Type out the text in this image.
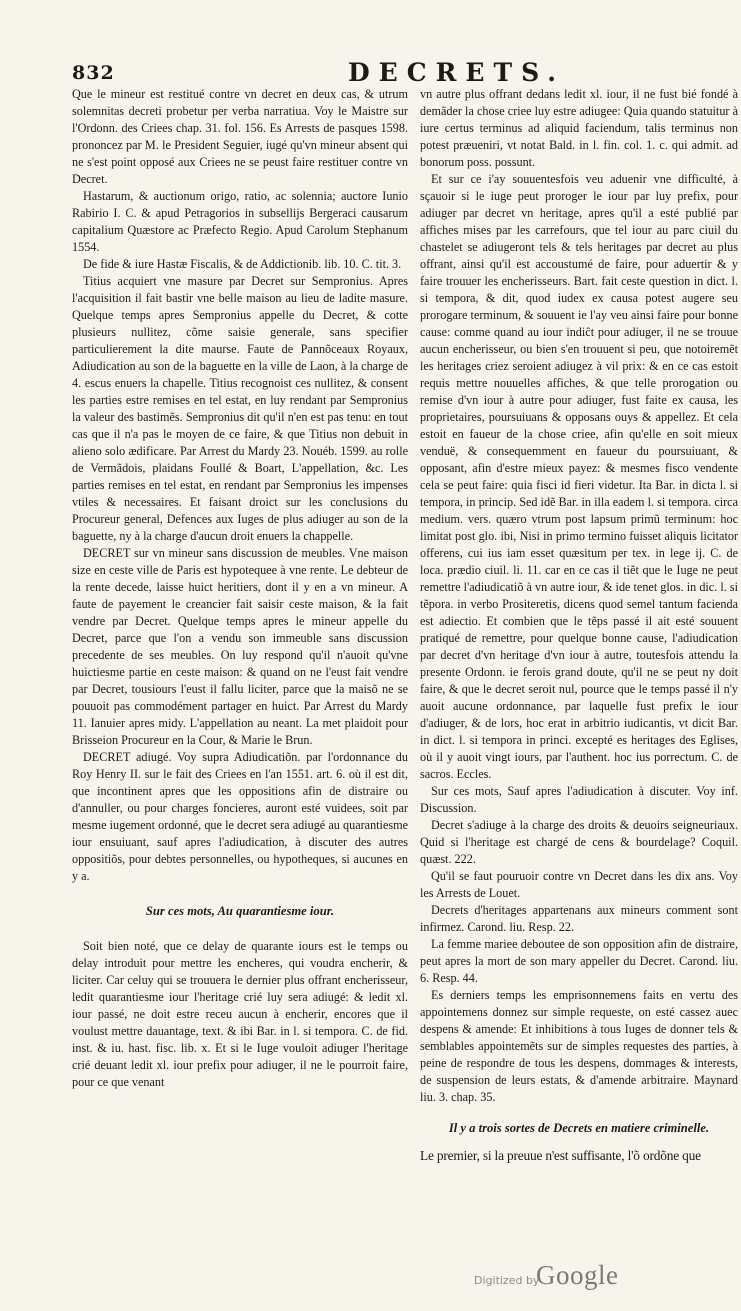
832	DECRETS.

Que le mineur est restitué contre vn decret en deux cas, & utrum solemnitas decreti probetur per verba narratiua. Voy le Maistre sur l'Ordonn. des Criees chap. 31. fol. 156. Es Arrests de pasques 1598. prononcez par M. le President Seguier, iugé qu'vn mineur absent qui ne s'est point opposé aux Criees ne se peust faire restituer contre vn Decret.

Hastarum, & auctionum origo, ratio, ac solennia; auctore Iunio Rabirio I. C. & apud Petragorios in subsellijs Bergeraci causarum capitalium Quæstore ac Præfecto Regio. Apud Carolum Stephanum 1554.

De fide & iure Hastæ Fiscalis, & de Addictionib. lib. 10. C. tit. 3.

Titius acquiert vne masure par Decret sur Sempronius. Apres l'acquisition il fait bastir vne belle maison au lieu de ladite masure. Quelque temps apres Sempronius appelle du Decret, & cotte plusieurs nullitez, cõme saisie generale, sans specifier particulierement la dite maurse. Faute de Pannõceaux Royaux, Adiudication au son de la baguette en la ville de Laon, à la charge de 4. escus enuers la chapelle. Titius recognoist ces nullitez, & consent les parties estre remises en tel estat, en luy rendant par Sempronius la valeur des bastimẽs. Sempronius dit qu'il n'en est pas tenu: en tout cas que il n'a pas le moyen de ce faire, & que Titius non debuit in alieno solo ædificare. Par Arrest du Mardy 23. Nouéb. 1599. au rolle de Vermãdois, plaidans Foullé & Boart, L'appellation, &c. Les parties remises en tel estat, en rendant par Sempronius les impenses vtiles & necessaires. Et faisant droict sur les conclusions du Procureur general, Defences aux Iuges de plus adiuger au son de la baguette, ny à la charge d'aucun droit enuers la chappelle.

DECRET sur vn mineur sans discussion de meubles. Vne maison size en ceste ville de Paris est hypotequee à vne rente. Le debteur de la rente decede, laisse huict heritiers, dont il y en a vn mineur. A faute de payement le creancier fait saisir ceste maison, & la fait vendre par Decret. Quelque temps apres le mineur appelle du Decret, parce que l'on a vendu son immeuble sans discussion precedente de ses meubles. On luy respond qu'il n'auoit qu'vne huictiesme partie en ceste maison: & quand on ne l'eust fait vendre par Decret, tousiours l'eust il fallu liciter, parce que la maisõ ne se pouuoit pas commodément partager en huict. Par Arrest du Mardy 11. Ianuier apres midy. L'appellation au neant. La met plaidoit pour Brisseion Procureur en la Cour, & Marie le Brun.

DECRET adiugé. Voy supra Adiudicatiõn. par l'ordonnance du Roy Henry II. sur le fait des Criees en l'an 1551. art. 6. où il est dit, que incontinent apres que les oppositions afin de distraire ou d'annuller, ou pour charges foncieres, auront esté vuidees, soit par mesme iugement ordonné, que le decret sera adiugé au quarantiesme iour ensuiuant, sauf apres l'adiudication, à discuter des autres oppositiõs, pour debtes personnelles, ou hypotheques, si aucunes en y a.

Sur ces mots, Au quarantiesme iour.

Soit bien noté, que ce delay de quarante iours est le temps ou delay introduit pour mettre les encheres, qui voudra encherir, & liciter. Car celuy qui se trouuera le dernier plus offrant encherisseur, ledit quarantiesme iour l'heritage crié luy sera adiugé: & ledit xl. iour passé, ne doit estre receu aucun à encherir, encores que il voulust mettre dauantage, text. & ibi Bar. in l. si tempora. C. de fid. inst. & iu. hast. fisc. lib. x. Et si le Iuge vouloit adiuger l'heritage crié deuant ledit xl. iour prefix pour adiuger, il ne le pourroit faire, pour ce que venant

vn autre plus offrant dedans ledit xl. iour, il ne fust bié fondé à demãder la chose criee luy estre adiugee: Quia quando statuitur à iure certus terminus ad aliquid faciendum, talis terminus non potest præueniri, vt notat Bald. in l. fin. col. 1. c. qui admit. ad bonorum poss. possunt.

Et sur ce i'ay souuentesfois veu aduenir vne difficulté, à sçauoir si le iuge peut proroger le iour par luy prefix, pour adiuger par decret vn heritage, apres qu'il a esté publié par affiches mises par les carrefours, que tel iour au parc ciuil du chastelet se adiugeront tels & tels heritages par decret au plus offrant, ainsi qu'il est accoustumé de faire, pour aduertir & y faire trouuer les encherisseurs. Bart. fait ceste question in dict. l. si tempora, & dit, quod iudex ex causa potest augere seu prorogare terminum, & souuent ie l'ay veu ainsi faire pour bonne cause: comme quand au iour indiĉt pour adiuger, il ne se trouue aucun encherisseur, ou bien s'en trouuent si peu, que notoiremẽt les heritages criez seroient adiugez à vil prix: & en ce cas estoit requis mettre nouuelles affiches, & que telle prorogation ou remise d'vn iour à autre pour adiuger, fust faite ex causa, les proprietaires, poursuiuans & opposans ouys & appellez. Et cela estoit en faueur de la chose criee, afin qu'elle en soit mieux venduë, & consequemment en faueur du poursuiuant, & opposant, afin d'estre mieux payez: & mesmes fisco vendente cela se peut faire: quia fisci id fieri videtur. Ita Bar. in dicta l. si tempora, in princip. Sed idẽ Bar. in illa eadem l. si tempora. circa medium. vers. quæro vtrum post lapsum primũ terminum: hoc limitat post glo. ibi, Nisi in primo termino fuisset aliquis licitator offerens, cui ius iam esset quæsitum per tex. in lege ij. C. de loca. prædio ciuil. li. 11. car en ce cas il tiẽt que le Iuge ne peut remettre l'adiudicatiõ à vn autre iour, & ide tenet glos. in dic. l. si tẽpora. in verbo Prositeretis, dicens quod semel tantum facienda est adiectio. Et combien que le tẽps passé il ait esté souuent pratiqué de remettre, pour quelque bonne cause, l'adiudication par decret d'vn heritage d'vn iour à autre, toutesfois attendu la presente Ordonn. ie ferois grand doute, qu'il ne se peut ny doit faire, & que le decret seroit nul, pource que le temps passé il n'y auoit aucune ordonnance, par laquelle fust prefix le iour d'adiuger, & de lors, hoc erat in arbitrio iudicantis, vt dicit Bar. in dict. l. si tempora in princi. excepté es heritages des Eglises, où il y auoit vingt iours, par l'authent. hoc ius porrectum. C. de sacros. Eccles.

Sur ces mots, Sauf apres l'adiudication à discuter. Voy inf. Discussion.

Decret s'adiuge à la charge des droits & deuoirs seigneuriaux. Quid si l'heritage est chargé de cens & bourdelage? Coquil. quæst. 222.

Qu'il se faut pouruoir contre vn Decret dans les dix ans. Voy les Arrests de Louet.

Decrets d'heritages appartenans aux mineurs comment sont infirmez. Carond. liu. Resp. 22.

La femme mariee deboutee de son opposition afin de distraire, peut apres la mort de son mary appeller du Decret. Carond. liu. 6. Resp. 44.

Es derniers temps les emprisonnemens faits en vertu des appointemens donnez sur simple requeste, on esté cassez auec despens & amende: Et inhibitions à tous Iuges de donner tels & semblables appointemẽts sur de simples requestes des parties, à peine de respondre de tous les despens, dommages & interests, de suspension de leurs estats, & d'amende arbitraire. Maynard liu. 3. chap. 35.

Il y a trois sortes de Decrets en matiere criminelle.

Le premier, si la preuue n'est suffisante, l'õ ordõne que

Digitized by
Google
